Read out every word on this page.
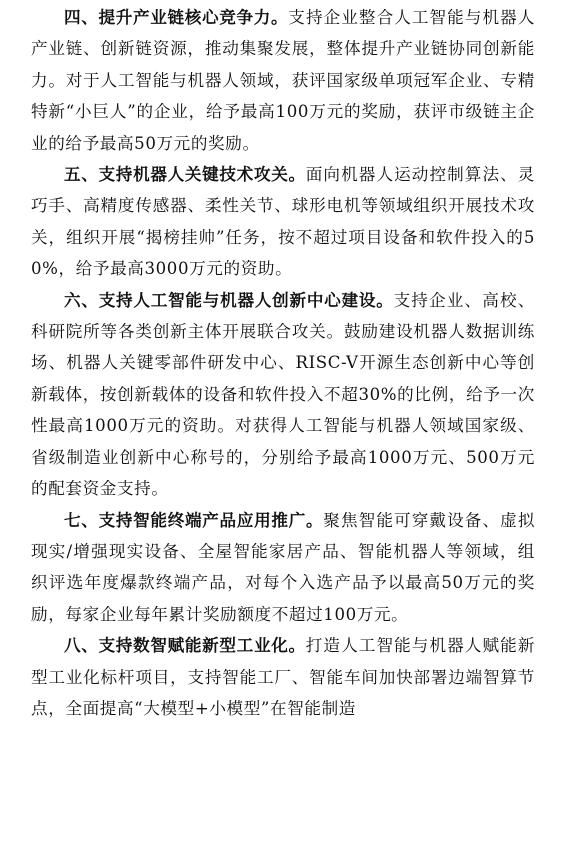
四、提升产业链核心竞争力。支持企业整合人工智能与机器人产业链、创新链资源，推动集聚发展，整体提升产业链协同创新能力。对于人工智能与机器人领域，获评国家级单项冠军企业、专精特新“小巨人”的企业，给予最高100万元的奖励，获评市级链主企业的给予最高50万元的奖励。

五、支持机器人关键技术攻关。面向机器人运动控制算法、灵巧手、高精度传感器、柔性关节、球形电机等领域组织开展技术攻关，组织开展“揭榜挂帅”任务，按不超过项目设备和软件投入的50%，给予最高3000万元的资助。

六、支持人工智能与机器人创新中心建设。支持企业、高校、科研院所等各类创新主体开展联合攻关。鼓励建设机器人数据训练场、机器人关键零部件研发中心、RISC-V开源生态创新中心等创新载体，按创新载体的设备和软件投入不超30%的比例，给予一次性最高1000万元的资助。对获得人工智能与机器人领域国家级、省级制造业创新中心称号的，分别给予最高1000万元、500万元的配套资金支持。

七、支持智能终端产品应用推广。聚焦智能可穿戴设备、虚拟现实/增强现实设备、全屋智能家居产品、智能机器人等领域，组织评选年度爆款终端产品，对每个入选产品予以最高50万元的奖励，每家企业每年累计奖励额度不超过100万元。

八、支持数智赋能新型工业化。打造人工智能与机器人赋能新型工业化标杆项目，支持智能工厂、智能车间加快部署边端智算节点，全面提高“大模型+小模型”在智能制造
